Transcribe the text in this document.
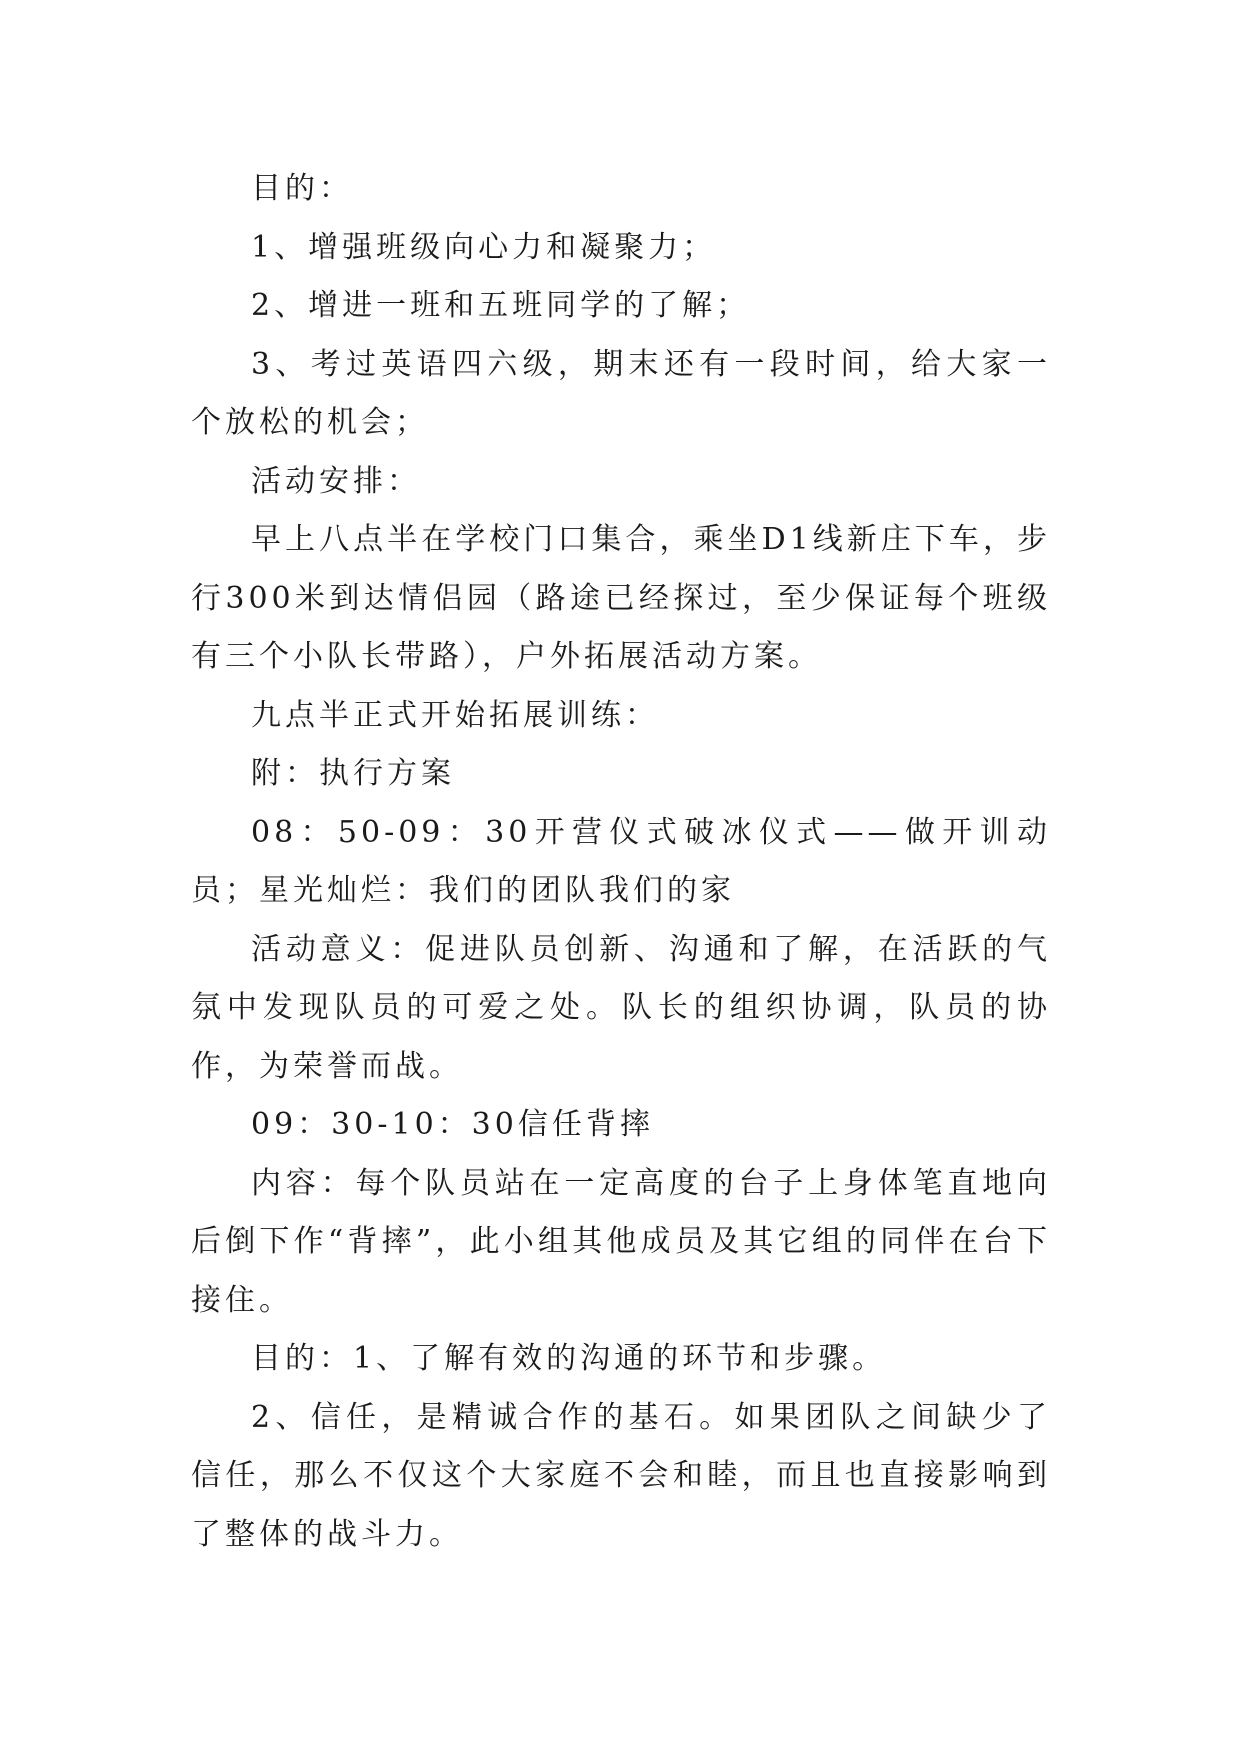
目的：

1、增强班级向心力和凝聚力；

2、增进一班和五班同学的了解；

3、考过英语四六级，期末还有一段时间，给大家一个放松的机会；

活动安排：

早上八点半在学校门口集合，乘坐D1线新庄下车，步行300米到达情侣园（路途已经探过，至少保证每个班级有三个小队长带路），户外拓展活动方案。

九点半正式开始拓展训练：

附：执行方案

08：50-09：30开营仪式破冰仪式——做开训动员；星光灿烂：我们的团队我们的家

活动意义：促进队员创新、沟通和了解，在活跃的气氛中发现队员的可爱之处。队长的组织协调，队员的协作，为荣誉而战。

09：30-10：30信任背摔

内容：每个队员站在一定高度的台子上身体笔直地向后倒下作“背摔”，此小组其他成员及其它组的同伴在台下接住。

目的：1、了解有效的沟通的环节和步骤。

2、信任，是精诚合作的基石。如果团队之间缺少了信任，那么不仅这个大家庭不会和睦，而且也直接影响到了整体的战斗力。
